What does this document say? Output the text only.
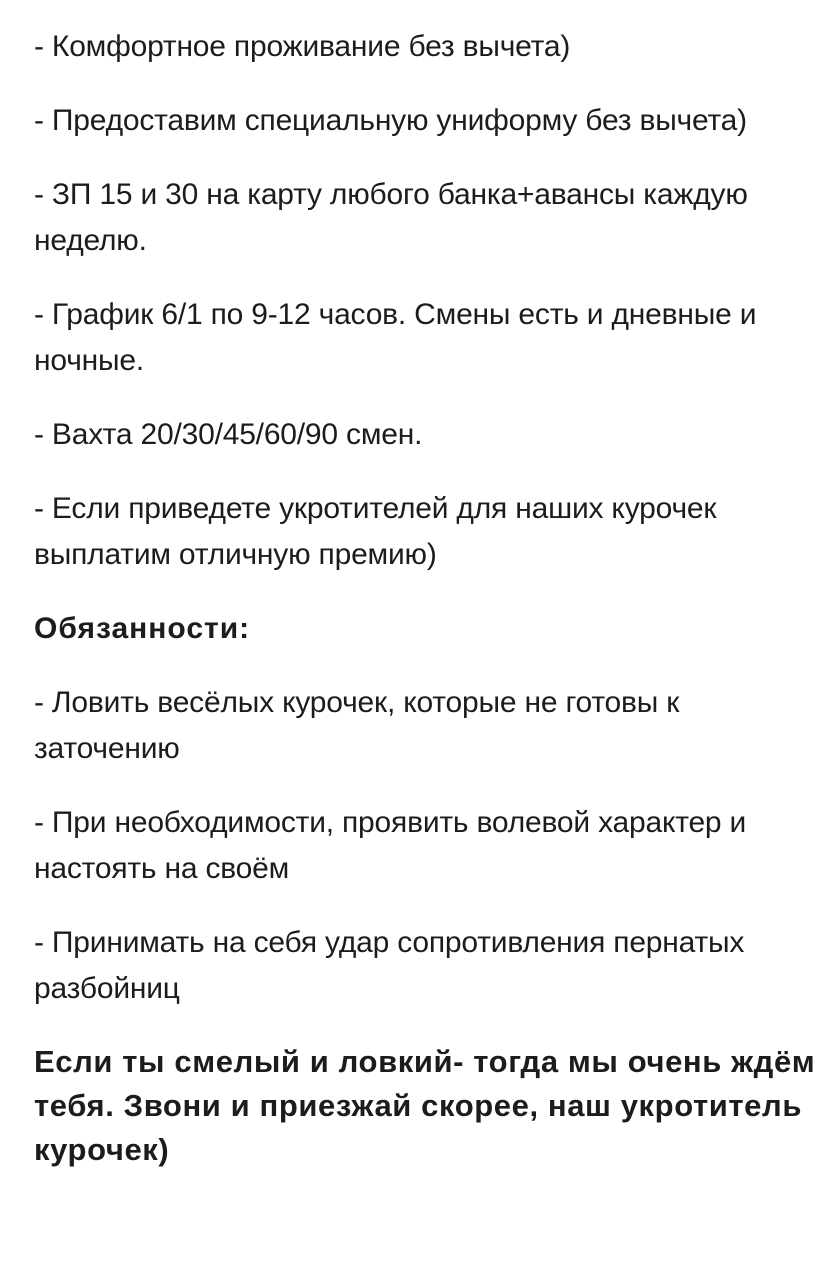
- Комфортное проживание без вычета)

- Предоставим специальную униформу без вычета)

- ЗП 15 и 30 на карту любого банка+авансы каждую неделю.

- График 6/1 по 9-12 часов. Смены есть и дневные и ночные.

- Вахта 20/30/45/60/90 смен.

- Если приведете укротителей для наших курочек выплатим отличную премию)

Обязанности:

- Ловить весёлых курочек, которые не готовы к заточению

- При необходимости, проявить волевой характер и настоять на своём

- Принимать на себя удар сопротивления пернатых разбойниц

Если ты смелый и ловкий- тогда мы очень ждём тебя. Звони и приезжай скорее, наш укротитель курочек)
